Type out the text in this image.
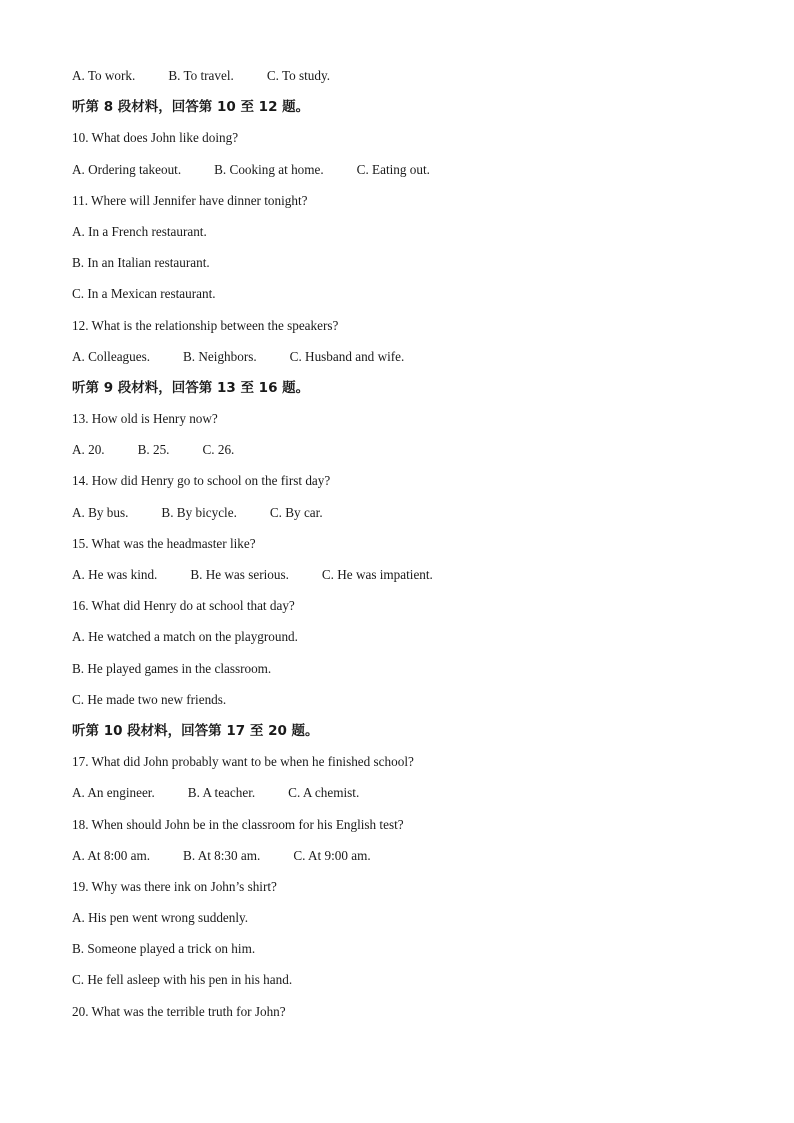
A. To work.	B. To travel.	C. To study.
听第 8 段材料，回答第 10 至 12 题。
10. What does John like doing?
A. Ordering takeout.	B. Cooking at home.	C. Eating out.
11. Where will Jennifer have dinner tonight?
A. In a French restaurant.
B. In an Italian restaurant.
C. In a Mexican restaurant.
12. What is the relationship between the speakers?
A. Colleagues.	B. Neighbors.	C. Husband and wife.
听第 9 段材料，回答第 13 至 16 题。
13. How old is Henry now?
A. 20.	B. 25.	C. 26.
14. How did Henry go to school on the first day?
A. By bus.	B. By bicycle.	C. By car.
15. What was the headmaster like?
A. He was kind.	B. He was serious.	C. He was impatient.
16. What did Henry do at school that day?
A. He watched a match on the playground.
B. He played games in the classroom.
C. He made two new friends.
听第 10 段材料，回答第 17 至 20 题。
17. What did John probably want to be when he finished school?
A. An engineer.	B. A teacher.	C. A chemist.
18. When should John be in the classroom for his English test?
A. At 8:00 am.	B. At 8:30 am.	C. At 9:00 am.
19. Why was there ink on John’s shirt?
A. His pen went wrong suddenly.
B. Someone played a trick on him.
C. He fell asleep with his pen in his hand.
20. What was the terrible truth for John?
